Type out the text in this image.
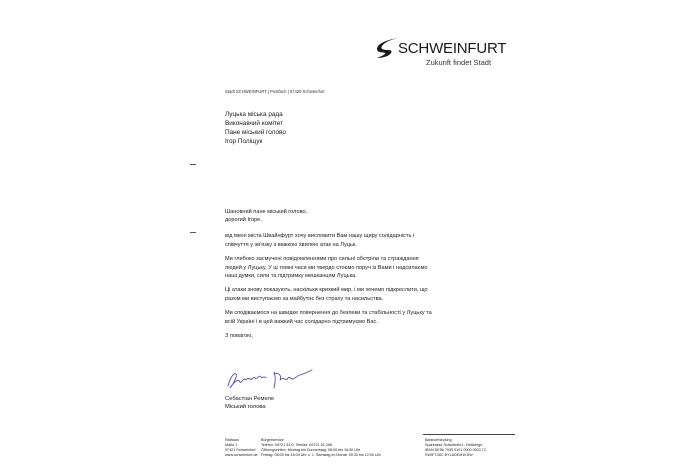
SCHWEINFURT
Zukunft findet Stadt
Stadt SCHWEINFURT | Postfach | 97420 Schweinfurt
Луцька міська рада
Виконавчий комітет
Пане міський голово
Ігор Поліщук
Шановний пане міський голово,

дорогий Ігоре,

від імені міста Швайнфурт хочу висловити Вам нашу щиру солідарність і співчуття у зв'язку з важкою хвилею атак на Луцьк.

Ми глибоко засмучені повідомленнями про сильні обстріли та страждання людей у Луцьку. У ці темні часи ми твердо стоємо поруч із Вами і надсилаємо наші думки, сили та підтримку мешканцям Луцька.

Ці атаки знову показують, наскільки крихкий мир, і ми хочемо підкреслити, що разом ми виступаємо за майбутнє без страху та насильства.

Ми сподіваємося на швидке повернення до безпеки та стабільності у Луцьку та всій Україні і в цей важкий час солідарно підтримуємо Вас.

З повагою,

Себастіан Ремеле
Міський голова
Rathaus
Markt 1
97421 Schweinfurt
www.schweinfurt.de
Bürgerservice
Telefon: 09721 51-0, Telefax: 09721 51-266
Öffnungszeiten: Montag bis Donnerstag: 08:00 bis 16:00 Uhr
Freitag: 08:00 bis 16:00 Uhr u. 1. Samstag im Monat: 09:30 bis 12:00 Uhr
Bankverbindung
Sparkasse Schweinfurt - Haßberge
IBAN DE56 7935 0101 0000 0003 72
SWIFT-BIC BYLADEM1KSW
